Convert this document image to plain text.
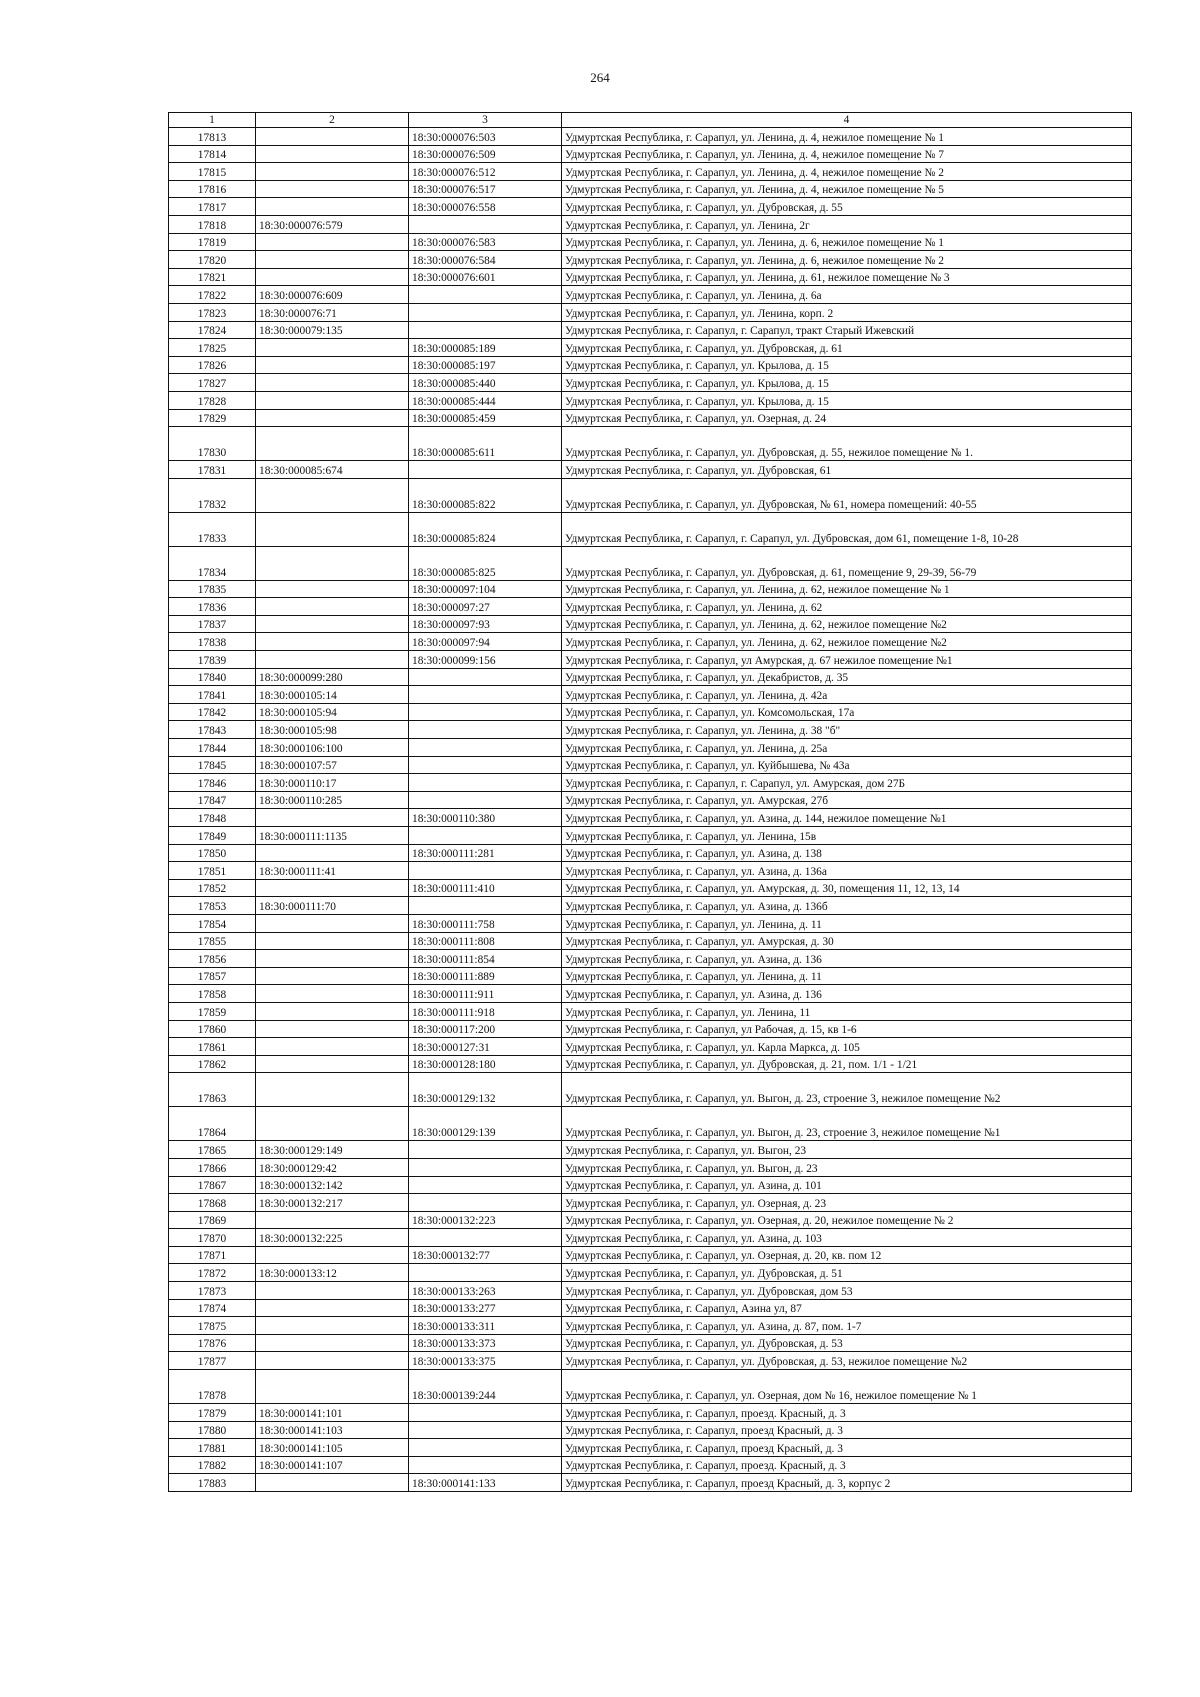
264
1	2	3	4
17813		18:30:000076:503	Удмуртская Республика, г. Сарапул, ул. Ленина, д. 4, нежилое помещение № 1
17814		18:30:000076:509	Удмуртская Республика, г. Сарапул, ул. Ленина, д. 4, нежилое помещение № 7
17815		18:30:000076:512	Удмуртская Республика, г. Сарапул, ул. Ленина, д. 4, нежилое помещение № 2
17816		18:30:000076:517	Удмуртская Республика, г. Сарапул, ул. Ленина, д. 4, нежилое помещение № 5
17817		18:30:000076:558	Удмуртская Республика, г. Сарапул, ул. Дубровская, д. 55
17818	18:30:000076:579		Удмуртская Республика, г. Сарапул, ул. Ленина, 2г
17819		18:30:000076:583	Удмуртская Республика, г. Сарапул, ул. Ленина, д. 6, нежилое помещение № 1
17820		18:30:000076:584	Удмуртская Республика, г. Сарапул, ул. Ленина, д. 6, нежилое помещение № 2
17821		18:30:000076:601	Удмуртская Республика, г. Сарапул, ул. Ленина, д. 61, нежилое помещение № 3
17822	18:30:000076:609		Удмуртская Республика, г. Сарапул, ул. Ленина, д. 6а
17823	18:30:000076:71		Удмуртская Республика, г. Сарапул, ул. Ленина, корп. 2
17824	18:30:000079:135		Удмуртская Республика, г. Сарапул, г. Сарапул, тракт Старый Ижевский
17825		18:30:000085:189	Удмуртская Республика, г. Сарапул, ул. Дубровская, д. 61
17826		18:30:000085:197	Удмуртская Республика, г. Сарапул, ул. Крылова, д. 15
17827		18:30:000085:440	Удмуртская Республика, г. Сарапул, ул. Крылова, д. 15
17828		18:30:000085:444	Удмуртская Республика, г. Сарапул, ул. Крылова, д. 15
17829		18:30:000085:459	Удмуртская Республика, г. Сарапул, ул. Озерная, д. 24
17830		18:30:000085:611	Удмуртская Республика, г. Сарапул, ул. Дубровская, д. 55, нежилое помещение № 1.
17831	18:30:000085:674		Удмуртская Республика, г. Сарапул, ул. Дубровская, 61
17832		18:30:000085:822	Удмуртская Республика, г. Сарапул, ул. Дубровская, № 61, номера помещений: 40-55
17833		18:30:000085:824	Удмуртская Республика, г. Сарапул, г. Сарапул, ул. Дубровская, дом 61, помещение 1-8, 10-28
17834		18:30:000085:825	Удмуртская Республика, г. Сарапул, ул. Дубровская, д. 61, помещение 9, 29-39, 56-79
17835		18:30:000097:104	Удмуртская Республика, г. Сарапул, ул. Ленина, д. 62, нежилое помещение № 1
17836		18:30:000097:27	Удмуртская Республика, г. Сарапул, ул. Ленина, д. 62
17837		18:30:000097:93	Удмуртская Республика, г. Сарапул, ул. Ленина, д. 62, нежилое помещение №2
17838		18:30:000097:94	Удмуртская Республика, г. Сарапул, ул. Ленина, д. 62, нежилое помещение №2
17839		18:30:000099:156	Удмуртская Республика, г. Сарапул, ул Амурская, д. 67 нежилое помещение №1
17840	18:30:000099:280		Удмуртская Республика, г. Сарапул, ул. Декабристов, д. 35
17841	18:30:000105:14		Удмуртская Республика, г. Сарапул, ул. Ленина, д. 42а
17842	18:30:000105:94		Удмуртская Республика, г. Сарапул, ул. Комсомольская, 17а
17843	18:30:000105:98		Удмуртская Республика, г. Сарапул, ул. Ленина, д. 38 "б"
17844	18:30:000106:100		Удмуртская Республика, г. Сарапул, ул. Ленина, д. 25а
17845	18:30:000107:57		Удмуртская Республика, г. Сарапул, ул. Куйбышева, № 43а
17846	18:30:000110:17		Удмуртская Республика, г. Сарапул, г. Сарапул, ул. Амурская, дом 27Б
17847	18:30:000110:285		Удмуртская Республика, г. Сарапул, ул. Амурская, 27б
17848		18:30:000110:380	Удмуртская Республика, г. Сарапул, ул. Азина, д. 144, нежилое помещение №1
17849	18:30:000111:1135		Удмуртская Республика, г. Сарапул, ул. Ленина, 15в
17850		18:30:000111:281	Удмуртская Республика, г. Сарапул, ул. Азина, д. 138
17851	18:30:000111:41		Удмуртская Республика, г. Сарапул, ул. Азина, д. 136а
17852		18:30:000111:410	Удмуртская Республика, г. Сарапул, ул. Амурская, д. 30, помещения 11, 12, 13, 14
17853	18:30:000111:70		Удмуртская Республика, г. Сарапул, ул. Азина, д. 136б
17854		18:30:000111:758	Удмуртская Республика, г. Сарапул, ул. Ленина, д. 11
17855		18:30:000111:808	Удмуртская Республика, г. Сарапул, ул. Амурская, д. 30
17856		18:30:000111:854	Удмуртская Республика, г. Сарапул, ул. Азина, д. 136
17857		18:30:000111:889	Удмуртская Республика, г. Сарапул, ул. Ленина, д. 11
17858		18:30:000111:911	Удмуртская Республика, г. Сарапул, ул. Азина, д. 136
17859		18:30:000111:918	Удмуртская Республика, г. Сарапул, ул. Ленина, 11
17860		18:30:000117:200	Удмуртская Республика, г. Сарапул, ул Рабочая, д. 15, кв 1-6
17861		18:30:000127:31	Удмуртская Республика, г. Сарапул, ул. Карла Маркса, д. 105
17862		18:30:000128:180	Удмуртская Республика, г. Сарапул, ул. Дубровская, д. 21, пом. 1/1 - 1/21
17863		18:30:000129:132	Удмуртская Республика, г. Сарапул, ул. Выгон, д. 23, строение 3, нежилое помещение №2
17864		18:30:000129:139	Удмуртская Республика, г. Сарапул, ул. Выгон, д. 23, строение 3, нежилое помещение №1
17865	18:30:000129:149		Удмуртская Республика, г. Сарапул, ул. Выгон, 23
17866	18:30:000129:42		Удмуртская Республика, г. Сарапул, ул. Выгон, д. 23
17867	18:30:000132:142		Удмуртская Республика, г. Сарапул, ул. Азина, д. 101
17868	18:30:000132:217		Удмуртская Республика, г. Сарапул, ул. Озерная, д. 23
17869		18:30:000132:223	Удмуртская Республика, г. Сарапул, ул. Озерная, д. 20, нежилое помещение № 2
17870	18:30:000132:225		Удмуртская Республика, г. Сарапул, ул. Азина, д. 103
17871		18:30:000132:77	Удмуртская Республика, г. Сарапул, ул. Озерная, д. 20, кв. пом 12
17872	18:30:000133:12		Удмуртская Республика, г. Сарапул, ул. Дубровская, д. 51
17873		18:30:000133:263	Удмуртская Республика, г. Сарапул, ул. Дубровская, дом 53
17874		18:30:000133:277	Удмуртская Республика, г. Сарапул, Азина ул, 87
17875		18:30:000133:311	Удмуртская Республика, г. Сарапул, ул. Азина, д. 87, пом. 1-7
17876		18:30:000133:373	Удмуртская Республика, г. Сарапул, ул. Дубровская, д. 53
17877		18:30:000133:375	Удмуртская Республика, г. Сарапул, ул. Дубровская, д. 53, нежилое помещение №2
17878		18:30:000139:244	Удмуртская Республика, г. Сарапул, ул. Озерная, дом № 16, нежилое помещение № 1
17879	18:30:000141:101		Удмуртская Республика, г. Сарапул, проезд. Красный, д. 3
17880	18:30:000141:103		Удмуртская Республика, г. Сарапул, проезд Красный, д. 3
17881	18:30:000141:105		Удмуртская Республика, г. Сарапул, проезд Красный, д. 3
17882	18:30:000141:107		Удмуртская Республика, г. Сарапул, проезд. Красный, д. 3
17883		18:30:000141:133	Удмуртская Республика, г. Сарапул, проезд Красный, д. 3, корпус 2
